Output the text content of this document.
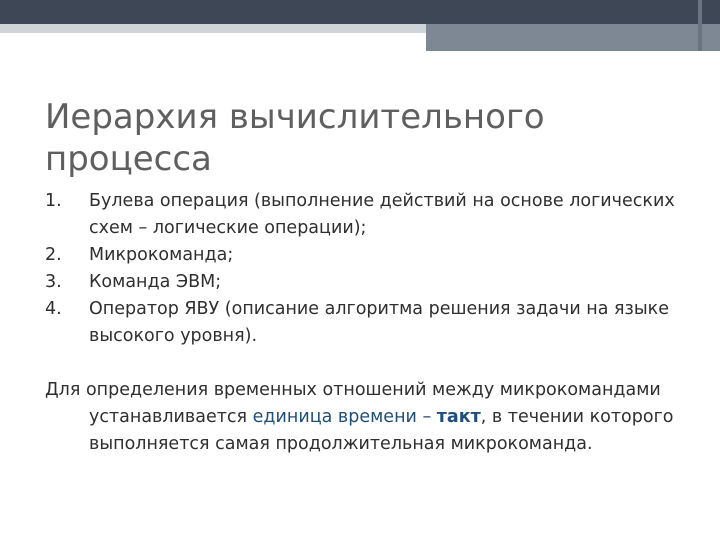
Иерархия вычислительного процесса
1. Булева операция (выполнение действий на основе логических схем – логические операции);
2. Микрокоманда;
3. Команда ЭВМ;
4. Оператор ЯВУ (описание алгоритма решения задачи на языке высокого уровня).

Для определения временных отношений между микрокомандами устанавливается единица времени – такт, в течении которого выполняется самая продолжительная микрокоманда.
